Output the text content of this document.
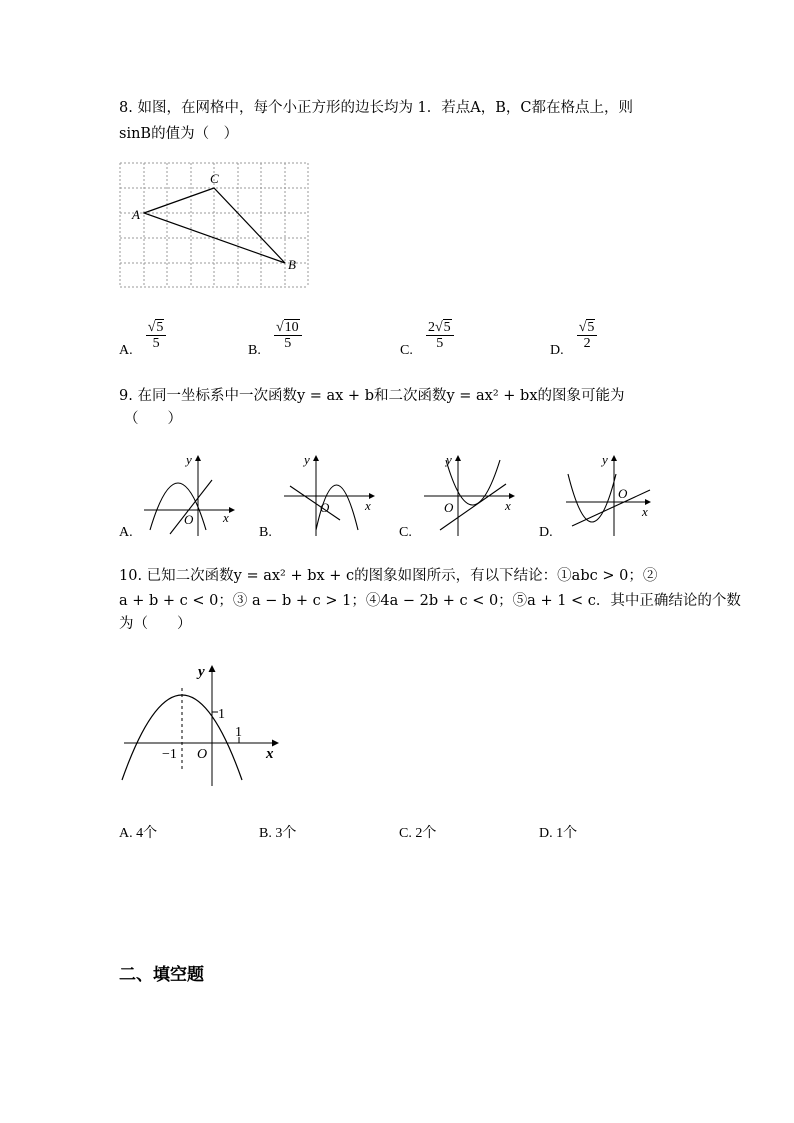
8. 如图，在网格中，每个小正方形的边长均为 1．若点A，B，C都在格点上，则
sinB的值为（　）
A
C
B
A. $\frac{√5}{5}$	B. $\frac{√10}{5}$	C. $\frac{2√5}{5}$	D. $\frac{√5}{2}$
9. 在同一坐标系中一次函数y = ax + b和二次函数y = ax² + bx的图象可能为
（　　）
x
y
O
A.
x
y
O
B.
x
y
O
C.
x
y
O
D.
10. 已知二次函数y = ax² + bx + c的图象如图所示，有以下结论：①abc > 0；②
a + b + c < 0；③ a − b + c > 1；④4a − 2b + c < 0；⑤a + 1 < c．其中正确结论的个数
为（　　）
y
x
O
1
1
−1
A. 4个	B. 3个	C. 2个	D. 1个
二、填空题
